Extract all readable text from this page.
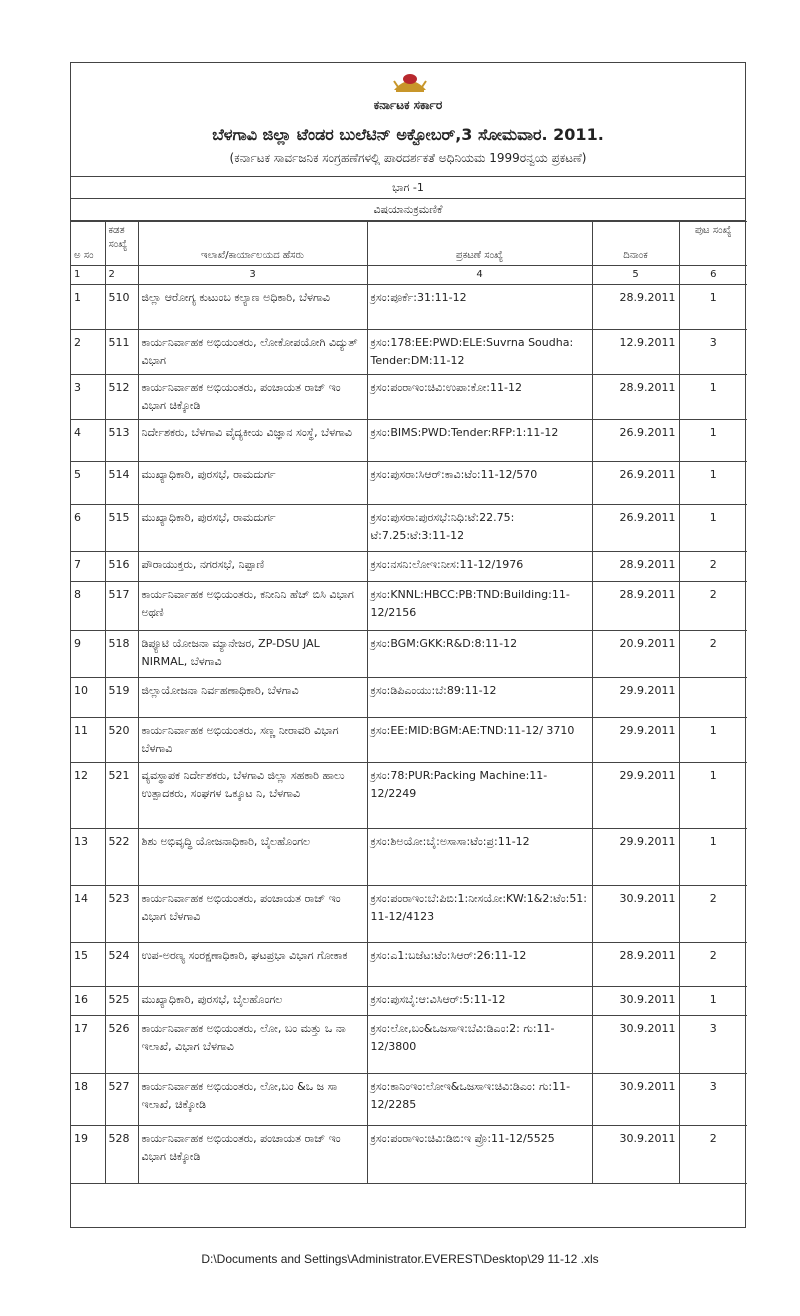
ಕರ್ನಾಟಕ ಸರ್ಕಾರ
ಬೆಳಗಾವಿ ಜಿಲ್ಲಾ ಟೆಂಡರ ಬುಲೆಟಿನ್ ಅಕ್ಟೋಬರ್,3 ಸೋಮವಾರ. 2011.
(ಕರ್ನಾಟಕ ಸಾರ್ವಜನಿಕ ಸಂಗ್ರಹಣೆಗಳಲ್ಲಿ ಪಾರದರ್ಶಕತೆ ಅಧಿನಿಯಮ 1999ರನ್ವಯ ಪ್ರಕಟಣೆ)
ಭಾಗ -1
ವಿಷಯಾನುಕ್ರಮಣಿಕೆ
ಅ ಸಂ	ಕಡತ ಸಂಖ್ಯೆ	ಇಲಾಖೆ/ಕಾರ್ಯಾಲಯದ ಹೆಸರು	ಪ್ರಕಟಣೆ ಸಂಖ್ಯೆ	ದಿನಾಂಕ	ಪುಟ ಸಂಖ್ಯೆ
1	2	3	4	5	6
1	510	ಜಿಲ್ಲಾ ಆರೋಗ್ಯ ಕುಟುಂಬ ಕಲ್ಯಾಣ ಅಧಿಕಾರಿ, ಬೆಳಗಾವಿ	ಕ್ರಸಂ:ಪೂರ್ಕೆ:31:11-12	28.9.2011	1
2	511	ಕಾರ್ಯನಿರ್ವಾಹಕ ಅಭಿಯಂತರು, ಲೋಕೋಪಯೋಗಿ ವಿದ್ಯುತ್ ವಿಭಾಗ	ಕ್ರಸಂ:178:EE:PWD:ELE:Suvrna Soudha: Tender:DM:11-12	12.9.2011	3
3	512	ಕಾರ್ಯನಿರ್ವಾಹಕ ಅಭಿಯಂತರು, ಪಂಚಾಯತ ರಾಜ್ ಇಂ ವಿಭಾಗ ಚಿಕ್ಕೋಡಿ	ಕ್ರಸಂ:ಪಂರಾಇಂ:ಚಿವಿ:ಉಪಾ:ಕೋ:11-12	28.9.2011	1
4	513	ನಿರ್ದೇಶಕರು, ಬೆಳಗಾವಿ ವೈದ್ಯಕೀಯ ವಿಜ್ಞಾನ ಸಂಸ್ಥೆ, ಬೆಳಗಾವಿ	ಕ್ರಸಂ:BIMS:PWD:Tender:RFP:1:11-12	26.9.2011	1
5	514	ಮುಖ್ಯಾಧಿಕಾರಿ, ಪುರಸಭೆ, ರಾಮದುರ್ಗ	ಕ್ರಸಂ:ಪುಸರಾ:ಸಿಆರ್:ಕಾವಿ:ಟೆಂ:11-12/570	26.9.2011	1
6	515	ಮುಖ್ಯಾಧಿಕಾರಿ, ಪುರಸಭೆ, ರಾಮದುರ್ಗ	ಕ್ರಸಂ:ಪುಸರಾ:ಪುರಸಭೆ:ನಿಧಿ:ಟೆ:22.75: ಟೆ:7.25:ಟೆ:3:11-12	26.9.2011	1
7	516	ಪೌರಾಯುಕ್ತರು, ನಗರಸಭೆ, ನಿಪ್ಪಾಣಿ	ಕ್ರಸಂ:ನಸನಿ:ಲೋಇ:ನೀಸ:11-12/1976	28.9.2011	2
8	517	ಕಾರ್ಯನಿರ್ವಾಹಕ ಅಭಿಯಂತರು, ಕನೀನಿನಿ ಹೆಚ್ ಬಿಸಿ ವಿಭಾಗ ಅಥಣಿ	ಕ್ರಸಂ:KNNL:HBCC:PB:TND:Building:11-12/2156	28.9.2011	2
9	518	ಡಿಪ್ಯೂಟಿ ಯೋಜನಾ ಮ್ಯಾನೇಜರ, ZP-DSU JAL NIRMAL, ಬೆಳಗಾವಿ	ಕ್ರಸಂ:BGM:GKK:R&D:8:11-12	20.9.2011	2
10	519	ಜಿಲ್ಲಾಯೋಜನಾ ನಿರ್ವಹಣಾಧಿಕಾರಿ, ಬೆಳಗಾವಿ	ಕ್ರಸಂ:ಡಿಪಿಎಂಯು:ಬೆ:89:11-12	29.9.2011	
11	520	ಕಾರ್ಯನಿರ್ವಾಹಕ ಅಭಿಯಂತರು, ಸಣ್ಣ ನೀರಾವರಿ ವಿಭಾಗ ಬೆಳಗಾವಿ	ಕ್ರಸಂ:EE:MID:BGM:AE:TND:11-12/ 3710	29.9.2011	1
12	521	ವ್ಯವಸ್ಥಾಪಕ ನಿರ್ದೇಶಕರು, ಬೆಳಗಾವಿ ಜಿಲ್ಲಾ ಸಹಕಾರಿ ಹಾಲು ಉತ್ಪಾದಕರು, ಸಂಘಗಳ ಒಕ್ಕೂಟ ನಿ, ಬೆಳಗಾವಿ	ಕ್ರಸಂ:78:PUR:Packing Machine:11-12/2249	29.9.2011	1
13	522	ಶಿಶು ಅಭಿವೃದ್ಧಿ ಯೋಜನಾಧಿಕಾರಿ, ಬೈಲಹೊಂಗಲ	ಕ್ರಸಂ:ಶಿಅಯೋ:ಬೈ:ಅಸಾಸಾ:ಟೆಂ:ಪ್ರ:11-12	29.9.2011	1
14	523	ಕಾರ್ಯನಿರ್ವಾಹಕ ಅಭಿಯಂತರು, ಪಂಚಾಯತ ರಾಜ್ ಇಂ ವಿಭಾಗ ಬೆಳಗಾವಿ	ಕ್ರಸಂ:ಪಂರಾಇಂ:ಬೆ:ಪಿಬಿ:1:ನೀಸಯೋ:KW:1&2:ಟೆಂ:51:11-12/4123	30.9.2011	2
15	524	ಉಪ-ಅರಣ್ಯ ಸಂರಕ್ಷಣಾಧಿಕಾರಿ, ಘಟಪ್ರಭಾ ವಿಭಾಗ ಗೋಕಾಕ	ಕ್ರಸಂ:ಎ1:ಬಜೆಟ:ಟೆಂ:ಸಿಆರ್:26:11-12	28.9.2011	2
16	525	ಮುಖ್ಯಾಧಿಕಾರಿ, ಪುರಸಭೆ, ಬೈಲಹೊಂಗಲ	ಕ್ರಸಂ:ಪುಸಬೈ:ಆ:ವಿಸಿಆರ್:5:11-12	30.9.2011	1
17	526	ಕಾರ್ಯನಿರ್ವಾಹಕ ಅಭಿಯಂತರು, ಲೋ, ಬಂ ಮತ್ತು ಒ ನಾ ಇಲಾಖೆ, ವಿಭಾಗ ಬೆಳಗಾವಿ	ಕ್ರಸಂ:ಲೋ,ಬಂ&ಒಜಸಾಇ:ಬೆವಿ:ಡಿಎಂ:2: ಗು:11-12/3800	30.9.2011	3
18	527	ಕಾರ್ಯನಿರ್ವಾಹಕ ಅಭಿಯಂತರು, ಲೋ,ಬಂ &ಒ ಜ ಸಾ ಇಲಾಖೆ, ಚಿಕ್ಕೋಡಿ	ಕ್ರಸಂ:ಕಾನಿಂಇಂ:ಲೋಇ&ಒಜಸಾಇ:ಚಿವಿ:ಡಿಎಂ: ಗು:11-12/2285	30.9.2011	3
19	528	ಕಾರ್ಯನಿರ್ವಾಹಕ ಅಭಿಯಂತರು, ಪಂಚಾಯತ ರಾಜ್ ಇಂ ವಿಭಾಗ ಚಿಕ್ಕೋಡಿ	ಕ್ರಸಂ:ಪಂರಾಇಂ:ಚಿವಿ:ಡಿಬಿ:ಇ ಪ್ರೊ:11-12/5525	30.9.2011	2
D:\Documents and Settings\Administrator.EVEREST\Desktop\29 11-12 .xls
